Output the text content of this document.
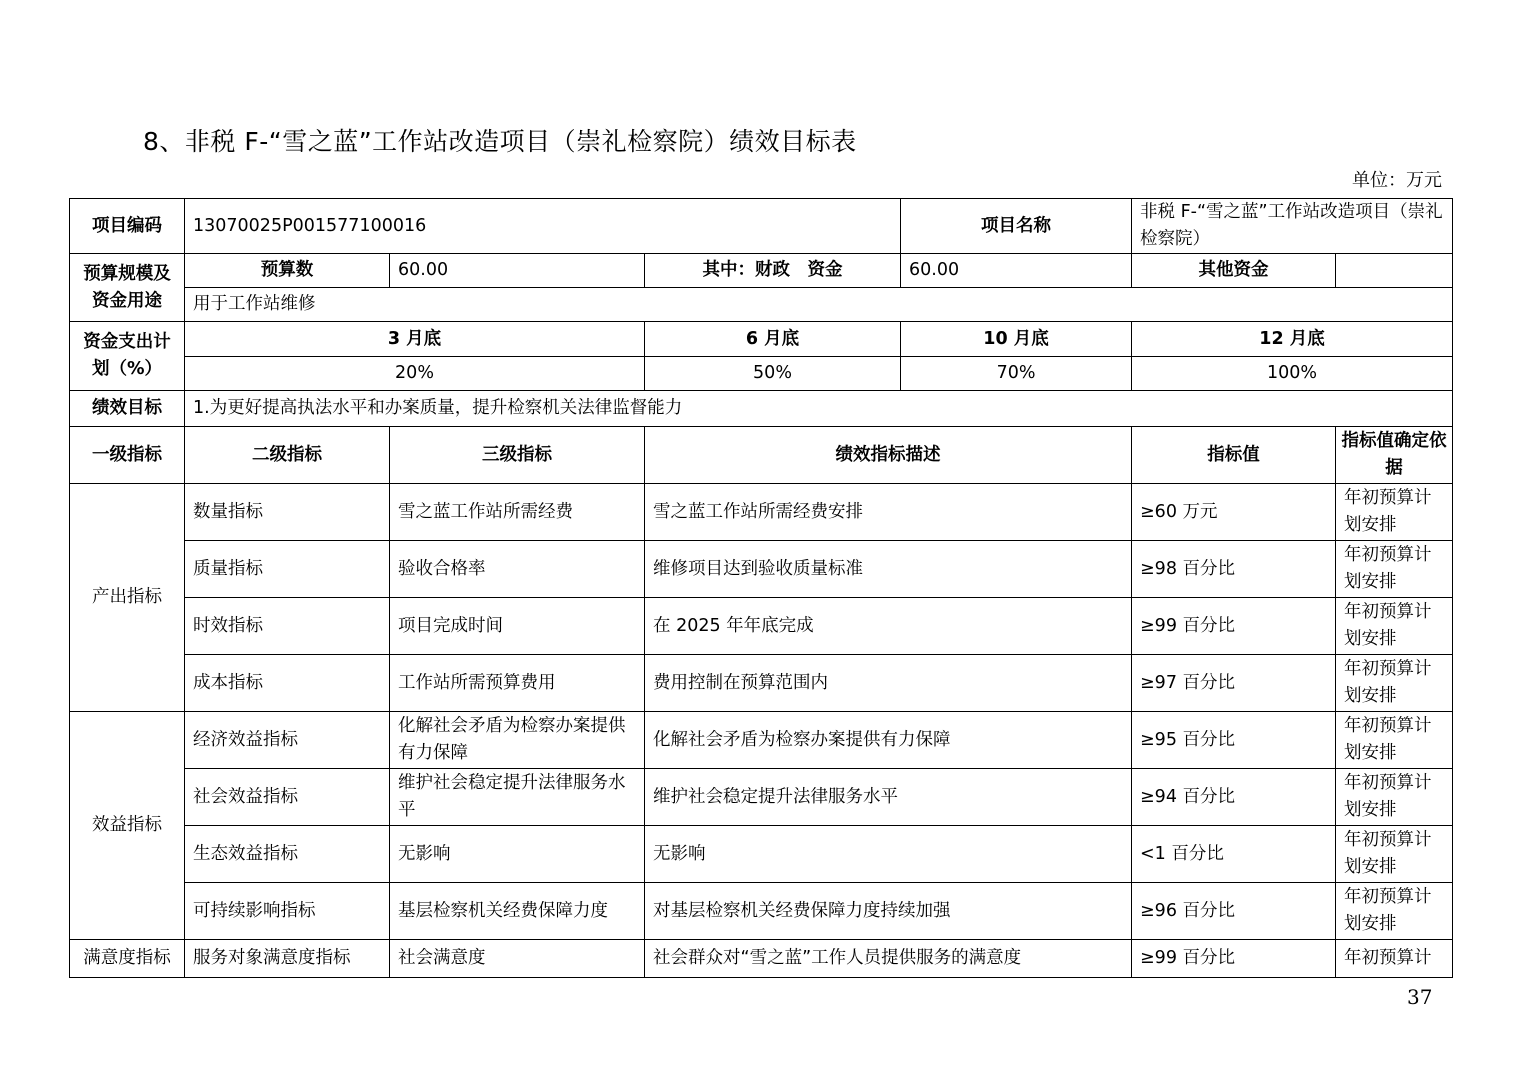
8、非税 F-“雪之蓝”工作站改造项目（崇礼检察院）绩效目标表
单位：万元
项目编码	13070025P001577100016			项目名称	非税 F-“雪之蓝”工作站改造项目（崇礼检察院）	
预算规模及资金用途	预算数	60.00	其中：财政　资金	60.00	其他资金	
	用于工作站维修					
资金支出计划（%）	3 月底		6 月底	10 月底	12 月底	
	20%		50%	70%	100%	
绩效目标	1.为更好提高执法水平和办案质量，提升检察机关法律监督能力					
一级指标	二级指标	三级指标	绩效指标描述		指标值	指标值确定依据
产出指标	数量指标	雪之蓝工作站所需经费	雪之蓝工作站所需经费安排		≥60 万元	年初预算计划安排
	质量指标	验收合格率	维修项目达到验收质量标准		≥98 百分比	年初预算计划安排
	时效指标	项目完成时间	在 2025 年年底完成		≥99 百分比	年初预算计划安排
	成本指标	工作站所需预算费用	费用控制在预算范围内		≥97 百分比	年初预算计划安排
效益指标	经济效益指标	化解社会矛盾为检察办案提供有力保障	化解社会矛盾为检察办案提供有力保障		≥95 百分比	年初预算计划安排
	社会效益指标	维护社会稳定提升法律服务水平	维护社会稳定提升法律服务水平		≥94 百分比	年初预算计划安排
	生态效益指标	无影响	无影响		<1 百分比	年初预算计划安排
	可持续影响指标	基层检察机关经费保障力度	对基层检察机关经费保障力度持续加强		≥96 百分比	年初预算计划安排
满意度指标	服务对象满意度指标	社会满意度	社会群众对“雪之蓝”工作人员提供服务的满意度		≥99 百分比	年初预算计
37
